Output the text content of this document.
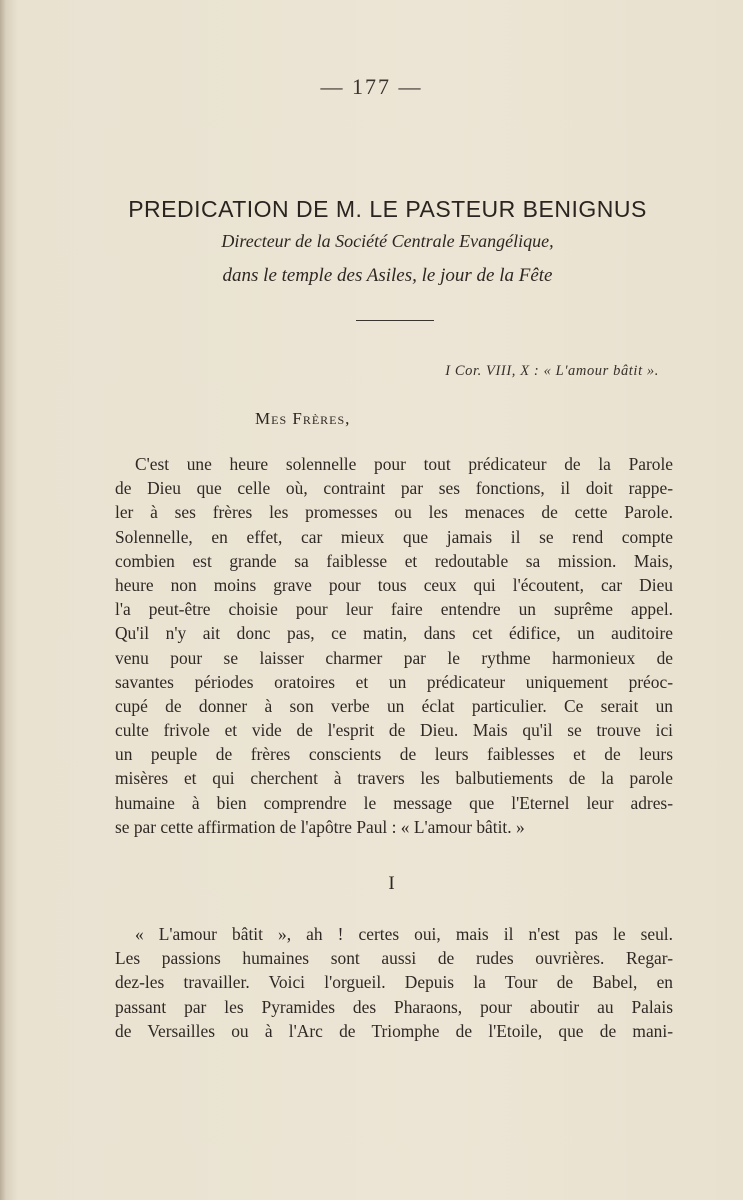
— 177 —
PREDICATION DE M. LE PASTEUR BENIGNUS
Directeur de la Société Centrale Evangélique,
dans le temple des Asiles, le jour de la Fête
I Cor. VIII, X : « L'amour bâtit ».
Mes Frères,
C'est une heure solennelle pour tout prédicateur de la Parole
de Dieu que celle où, contraint par ses fonctions, il doit rappe-
ler à ses frères les promesses ou les menaces de cette Parole.
Solennelle, en effet, car mieux que jamais il se rend compte
combien est grande sa faiblesse et redoutable sa mission. Mais,
heure non moins grave pour tous ceux qui l'écoutent, car Dieu
l'a peut-être choisie pour leur faire entendre un suprême appel.
Qu'il n'y ait donc pas, ce matin, dans cet édifice, un auditoire
venu pour se laisser charmer par le rythme harmonieux de
savantes périodes oratoires et un prédicateur uniquement préoc-
cupé de donner à son verbe un éclat particulier. Ce serait un
culte frivole et vide de l'esprit de Dieu. Mais qu'il se trouve ici
un peuple de frères conscients de leurs faiblesses et de leurs
misères et qui cherchent à travers les balbutiements de la parole
humaine à bien comprendre le message que l'Eternel leur adres-
se par cette affirmation de l'apôtre Paul : « L'amour bâtit. »
I
« L'amour bâtit », ah ! certes oui, mais il n'est pas le seul.
Les passions humaines sont aussi de rudes ouvrières. Regar-
dez-les travailler. Voici l'orgueil. Depuis la Tour de Babel, en
passant par les Pyramides des Pharaons, pour aboutir au Palais
de Versailles ou à l'Arc de Triomphe de l'Etoile, que de mani-
